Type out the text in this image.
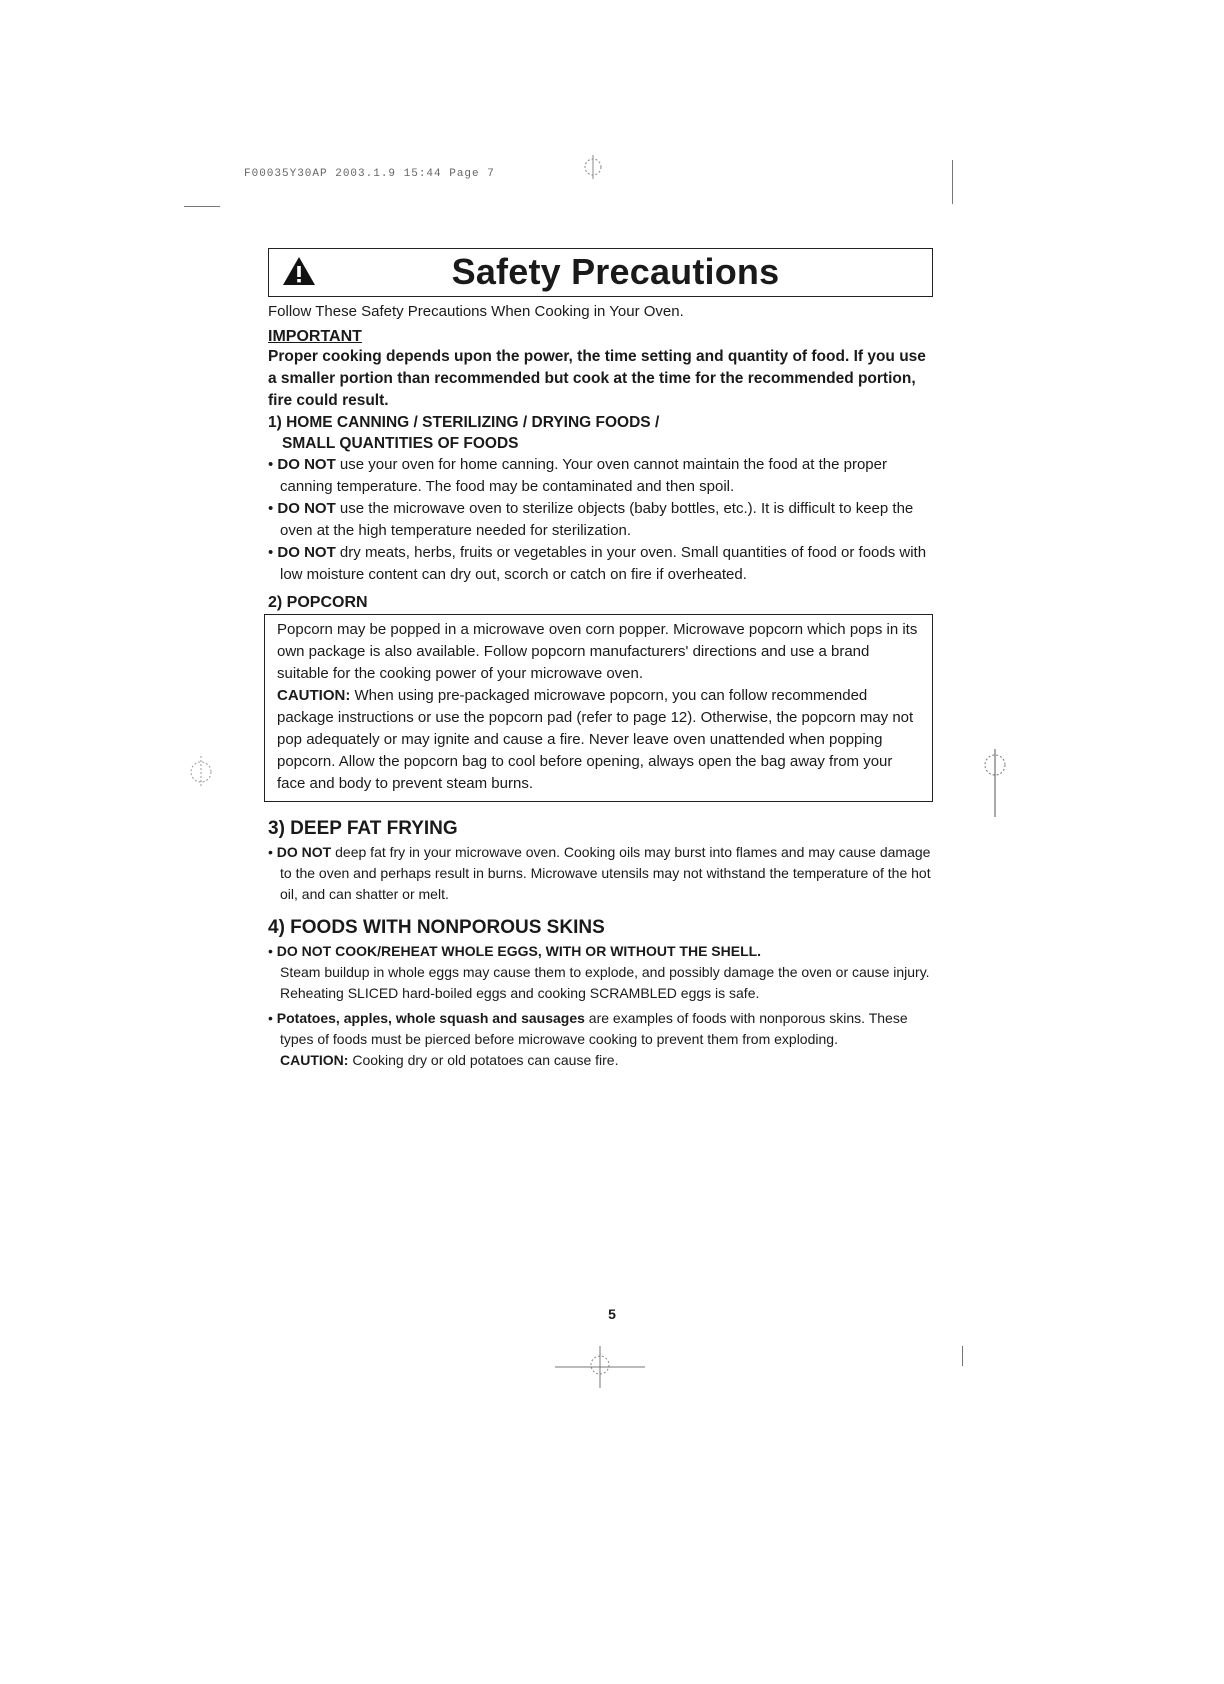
F00035Y30AP 2003.1.9 15:44 Page 7
Safety Precautions
Follow These Safety Precautions When Cooking in Your Oven.
IMPORTANT
Proper cooking depends upon the power, the time setting and quantity of food. If you use a smaller portion than recommended but cook at the time for the recommended portion, fire could result.
1) HOME CANNING / STERILIZING / DRYING FOODS /
SMALL QUANTITIES OF FOODS
• DO NOT use your oven for home canning. Your oven cannot maintain the food at the proper canning temperature. The food may be contaminated and then spoil.
• DO NOT use the microwave oven to sterilize objects (baby bottles, etc.). It is difficult to keep the oven at the high temperature needed for sterilization.
• DO NOT dry meats, herbs, fruits or vegetables in your oven. Small quantities of food or foods with low moisture content can dry out, scorch or catch on fire if overheated.
2) POPCORN
Popcorn may be popped in a microwave oven corn popper. Microwave popcorn which pops in its own package is also available. Follow popcorn manufacturers' directions and use a brand suitable for the cooking power of your microwave oven.
CAUTION: When using pre-packaged microwave popcorn, you can follow recommended package instructions or use the popcorn pad (refer to page 12). Otherwise, the popcorn may not pop adequately or may ignite and cause a fire. Never leave oven unattended when popping popcorn. Allow the popcorn bag to cool before opening, always open the bag away from your face and body to prevent steam burns.
3) DEEP FAT FRYING
• DO NOT deep fat fry in your microwave oven. Cooking oils may burst into flames and may cause damage to the oven and perhaps result in burns. Microwave utensils may not withstand the temperature of the hot oil, and can shatter or melt.
4) FOODS WITH NONPOROUS SKINS
• DO NOT COOK/REHEAT WHOLE EGGS, WITH OR WITHOUT THE SHELL.
Steam buildup in whole eggs may cause them to explode, and possibly damage the oven or cause injury. Reheating SLICED hard-boiled eggs and cooking SCRAMBLED eggs is safe.
• Potatoes, apples, whole squash and sausages are examples of foods with nonporous skins. These types of foods must be pierced before microwave cooking to prevent them from exploding.
CAUTION: Cooking dry or old potatoes can cause fire.
5
